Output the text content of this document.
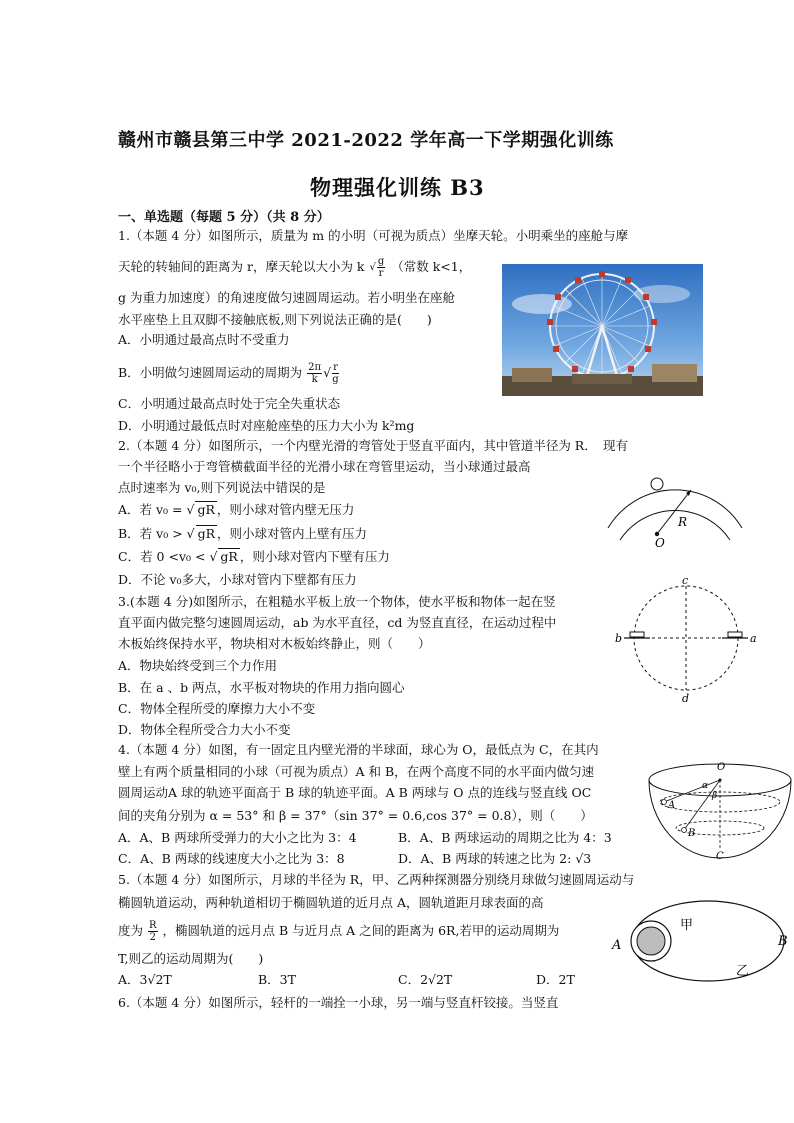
赣州市赣县第三中学 2021-2022 学年高一下学期强化训练
物理强化训练 B3
一、单选题（每题 5 分）（共 8 分）
1.（本题 4 分）如图所示，质量为 m 的小明（可视为质点）坐摩天轮。小明乘坐的座舱与摩
天轮的转轴间的距离为 r，摩天轮以大小为 k √ $\frac{g}{r}$ （常数 k<1，
g 为重力加速度）的角速度做匀速圆周运动。若小明坐在座舱
水平座垫上且双脚不接触底板,则下列说法正确的是(　　)
A．小明通过最高点时不受重力
B．小明做匀速圆周运动的周期为 $\frac{2\pi}{k}√ \frac{r}{g}$
C．小明通过最高点时处于完全失重状态
D．小明通过最低点时对座舱座垫的压力大小为 k²mg
2.（本题 4 分）如图所示，一个内壁光滑的弯管处于竖直平面内，其中管道半径为 R．　现有
一个半径略小于弯管横截面半径的光滑小球在弯管里运动，当小球通过最高
点时速率为 v₀,则下列说法中错误的是
A．若 v₀ = √ gR ，则小球对管内壁无压力
B．若 v₀ > √ gR ，则小球对管内上壁有压力
C．若 0 <v₀ < √ gR ，则小球对管内下壁有压力
D．不论 v₀多大，小球对管内下壁都有压力
R
O
3.(本题 4 分)如图所示，在粗糙水平板上放一个物体，使水平板和物体一起在竖
直平面内做完整匀速圆周运动，ab 为水平直径，cd 为竖直直径，在运动过程中
木板始终保持水平，物块相对木板始终静止，则（　　）
A．物块始终受到三个力作用
B．在 a 、b 两点，水平板对物块的作用力指向圆心
C．物体全程所受的摩擦力大小不变
D．物体全程所受合力大小不变
c
d
b	a
4.（本题 4 分）如图，有一固定且内壁光滑的半球面，球心为 O，最低点为 C，在其内
壁上有两个质量相同的小球（可视为质点）A 和 B，在两个高度不同的水平面内做匀速
圆周运动A 球的轨迹平面高于 B 球的轨迹平面。A B 两球与 O 点的连线与竖直线 OC
间的夹角分别为 α = 53° 和 β = 37°（sin 37° = 0.6,cos 37° = 0.8），则（　　）
A．A、B 两球所受弹力的大小之比为 3：4	B．A、B 两球运动的周期之比为 4：3
C．A、B 两球的线速度大小之比为 3：8	D．A、B 两球的转速之比为 2: √3
O
A
B
C
α
β
5.（本题 4 分）如图所示，月球的半径为 R，甲、乙两种探测器分别绕月球做匀速圆周运动与
椭圆轨道运动，两种轨道相切于椭圆轨道的近月点 A，圆轨道距月球表面的高
度为 $\frac{R}{2}$ ，椭圆轨道的远月点 B 与近月点 A 之间的距离为 6R,若甲的运动周期为
T,则乙的运动周期为(　　)
A．3√2T	B．3T	C．2√2T	D．2T
A	B
甲
乙
6.（本题 4 分）如图所示，轻杆的一端拴一小球，另一端与竖直杆铰接。当竖直
